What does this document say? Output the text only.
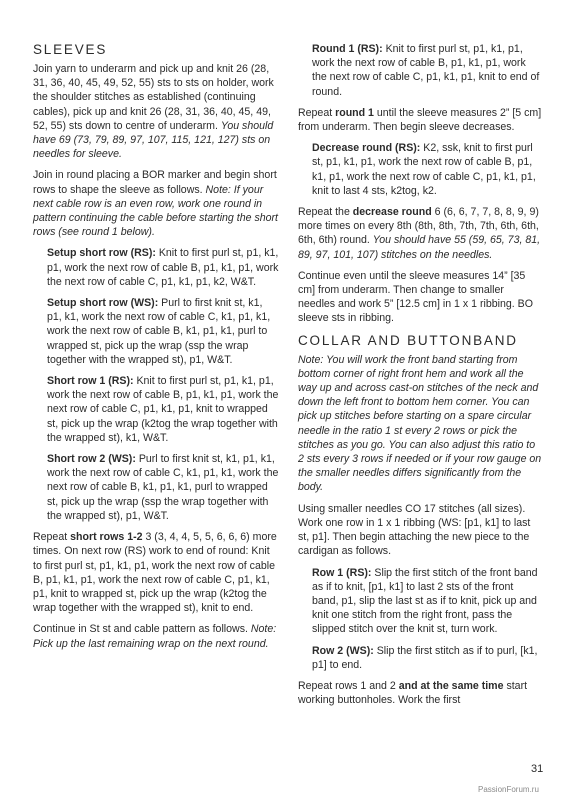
SLEEVES

Join yarn to underarm and pick up and knit 26 (28, 31, 36, 40, 45, 49, 52, 55) sts to sts on holder, work the shoulder stitches as established (continuing cables), pick up and knit 26 (28, 31, 36, 40, 45, 49, 52, 55) sts down to centre of underarm. You should have 69 (73, 79, 89, 97, 107, 115, 121, 127) sts on needles for sleeve.

Join in round placing a BOR marker and begin short rows to shape the sleeve as follows. Note: If your next cable row is an even row, work one round in pattern continuing the cable before starting the short rows (see round 1 below).

Setup short row (RS): Knit to first purl st, p1, k1, p1, work the next row of cable B, p1, k1, p1, work the next row of cable C, p1, k1, p1, k2, W&T.

Setup short row (WS): Purl to first knit st, k1, p1, k1, work the next row of cable C, k1, p1, k1, work the next row of cable B, k1, p1, k1, purl to wrapped st, pick up the wrap (ssp the wrap together with the wrapped st), p1, W&T.

Short row 1 (RS): Knit to first purl st, p1, k1, p1, work the next row of cable B, p1, k1, p1, work the next row of cable C, p1, k1, p1, knit to wrapped st, pick up the wrap (k2tog the wrap together with the wrapped st), k1, W&T.

Short row 2 (WS): Purl to first knit st, k1, p1, k1, work the next row of cable C, k1, p1, k1, work the next row of cable B, k1, p1, k1, purl to wrapped st, pick up the wrap (ssp the wrap together with the wrapped st), p1, W&T.

Repeat short rows 1-2 3 (3, 4, 4, 5, 5, 6, 6, 6) more times. On next row (RS) work to end of round: Knit to first purl st, p1, k1, p1, work the next row of cable B, p1, k1, p1, work the next row of cable C, p1, k1, p1, knit to wrapped st, pick up the wrap (k2tog the wrap together with the wrapped st), knit to end.

Continue in St st and cable pattern as follows. Note: Pick up the last remaining wrap on the next round.

Round 1 (RS): Knit to first purl st, p1, k1, p1, work the next row of cable B, p1, k1, p1, work the next row of cable C, p1, k1, p1, knit to end of round.

Repeat round 1 until the sleeve measures 2” [5 cm] from underarm. Then begin sleeve decreases.

Decrease round (RS): K2, ssk, knit to first purl st, p1, k1, p1, work the next row of cable B, p1, k1, p1, work the next row of cable C, p1, k1, p1, knit to last 4 sts, k2tog, k2.

Repeat the decrease round 6 (6, 6, 7, 7, 8, 8, 9, 9) more times on every 8th (8th, 8th, 7th, 7th, 6th, 6th, 6th, 6th) round. You should have 55 (59, 65, 73, 81, 89, 97, 101, 107) stitches on the needles.

Continue even until the sleeve measures 14” [35 cm] from underarm. Then change to smaller needles and work 5” [12.5 cm] in 1 x 1 ribbing. BO sleeve sts in ribbing.

COLLAR AND BUTTONBAND

Note: You will work the front band starting from bottom corner of right front hem and work all the way up and across cast-on stitches of the neck and down the left front to bottom hem corner. You can pick up stitches before starting on a spare circular needle in the ratio 1 st every 2 rows or pick the stitches as you go. You can also adjust this ratio to 2 sts every 3 rows if needed or if your row gauge on the smaller needles differs significantly from the body.

Using smaller needles CO 17 stitches (all sizes). Work one row in 1 x 1 ribbing (WS: [p1, k1] to last st, p1]. Then begin attaching the new piece to the cardigan as follows.

Row 1 (RS): Slip the first stitch of the front band as if to knit, [p1, k1] to last 2 sts of the front band, p1, slip the last st as if to knit, pick up and knit one stitch from the right front, pass the slipped stitch over the knit st, turn work.

Row 2 (WS): Slip the first stitch as if to purl, [k1, p1] to end.

Repeat rows 1 and 2 and at the same time start working buttonholes. Work the first

31
PassionForum.ru
